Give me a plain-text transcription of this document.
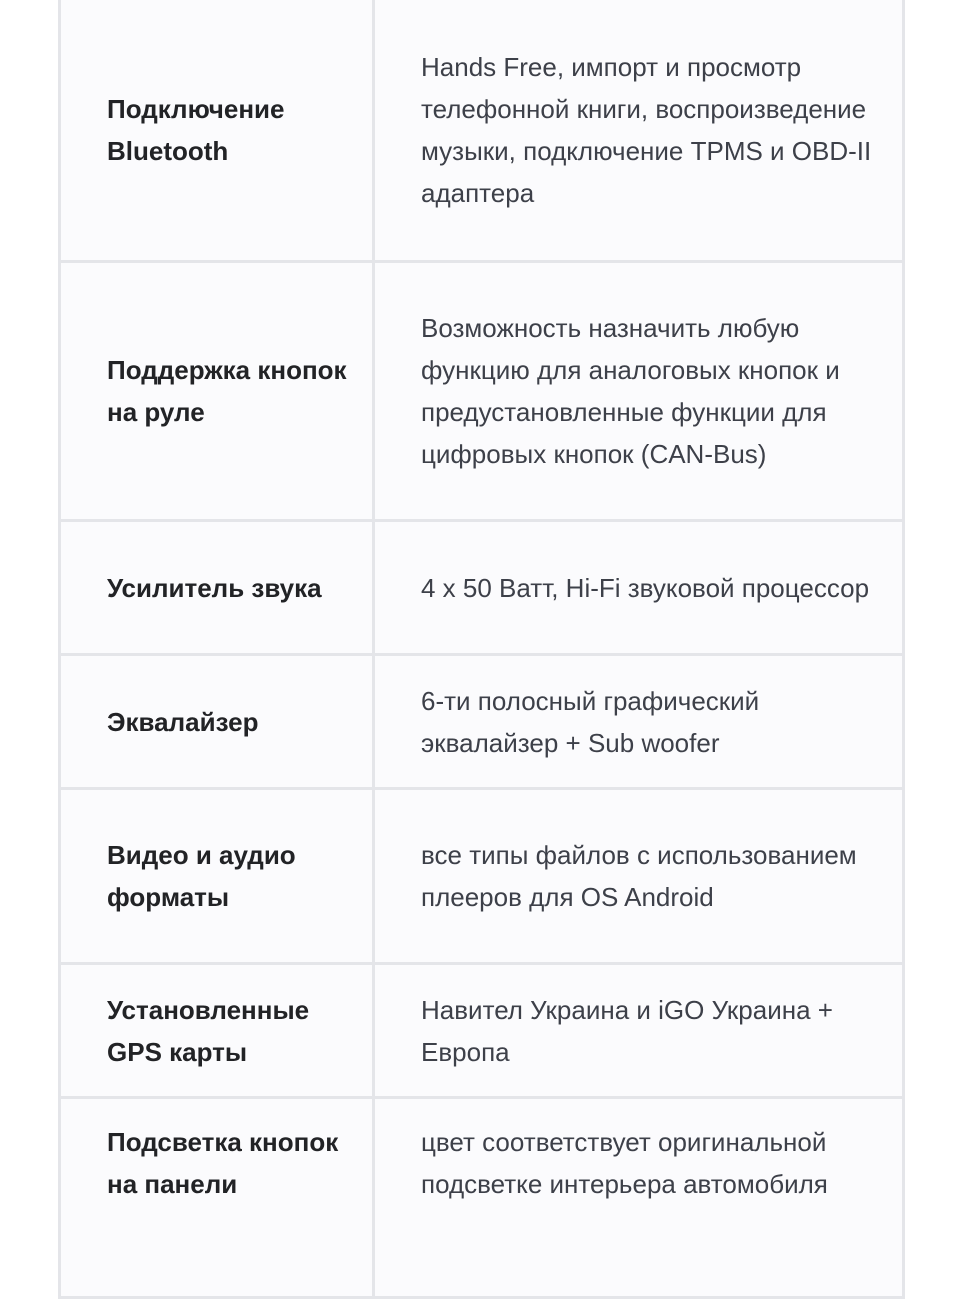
Подключение Bluetooth	Hands Free, импорт и просмотр телефонной книги, воспроизведение музыки, подключение TPMS и OBD-II адаптера
Поддержка кнопок на руле	Возможность назначить любую функцию для аналоговых кнопок и предустановленные функции для цифровых кнопок (CAN-Bus)
Усилитель звука	4 x 50 Ватт, Hi-Fi звуковой процессор
Эквалайзер	6-ти полосный графический эквалайзер + Sub woofer
Видео и аудио форматы	все типы файлов с использованием плееров для OS Android
Установленные GPS карты	Навител Украина и iGO Украина + Европа
Подсветка кнопок на панели	цвет соответствует оригинальной подсветке интерьера автомобиля
